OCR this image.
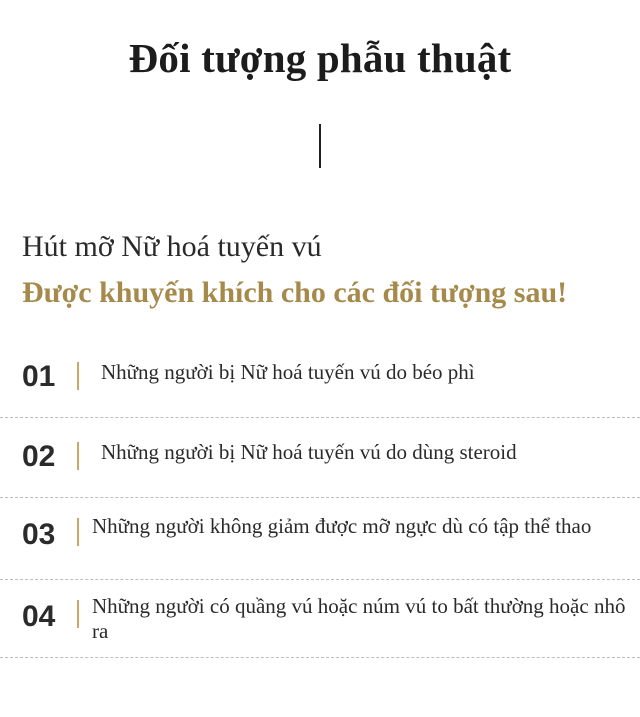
Đối tượng phẫu thuật
Hút mỡ Nữ hoá tuyến vú
Được khuyến khích cho các đối tượng sau!
01 Những người bị Nữ hoá tuyến vú do béo phì
02 Những người bị Nữ hoá tuyến vú do dùng steroid
03 Những người không giảm được mỡ ngực dù có tập thể thao
04 Những người có quầng vú hoặc núm vú to bất thường hoặc nhô ra
